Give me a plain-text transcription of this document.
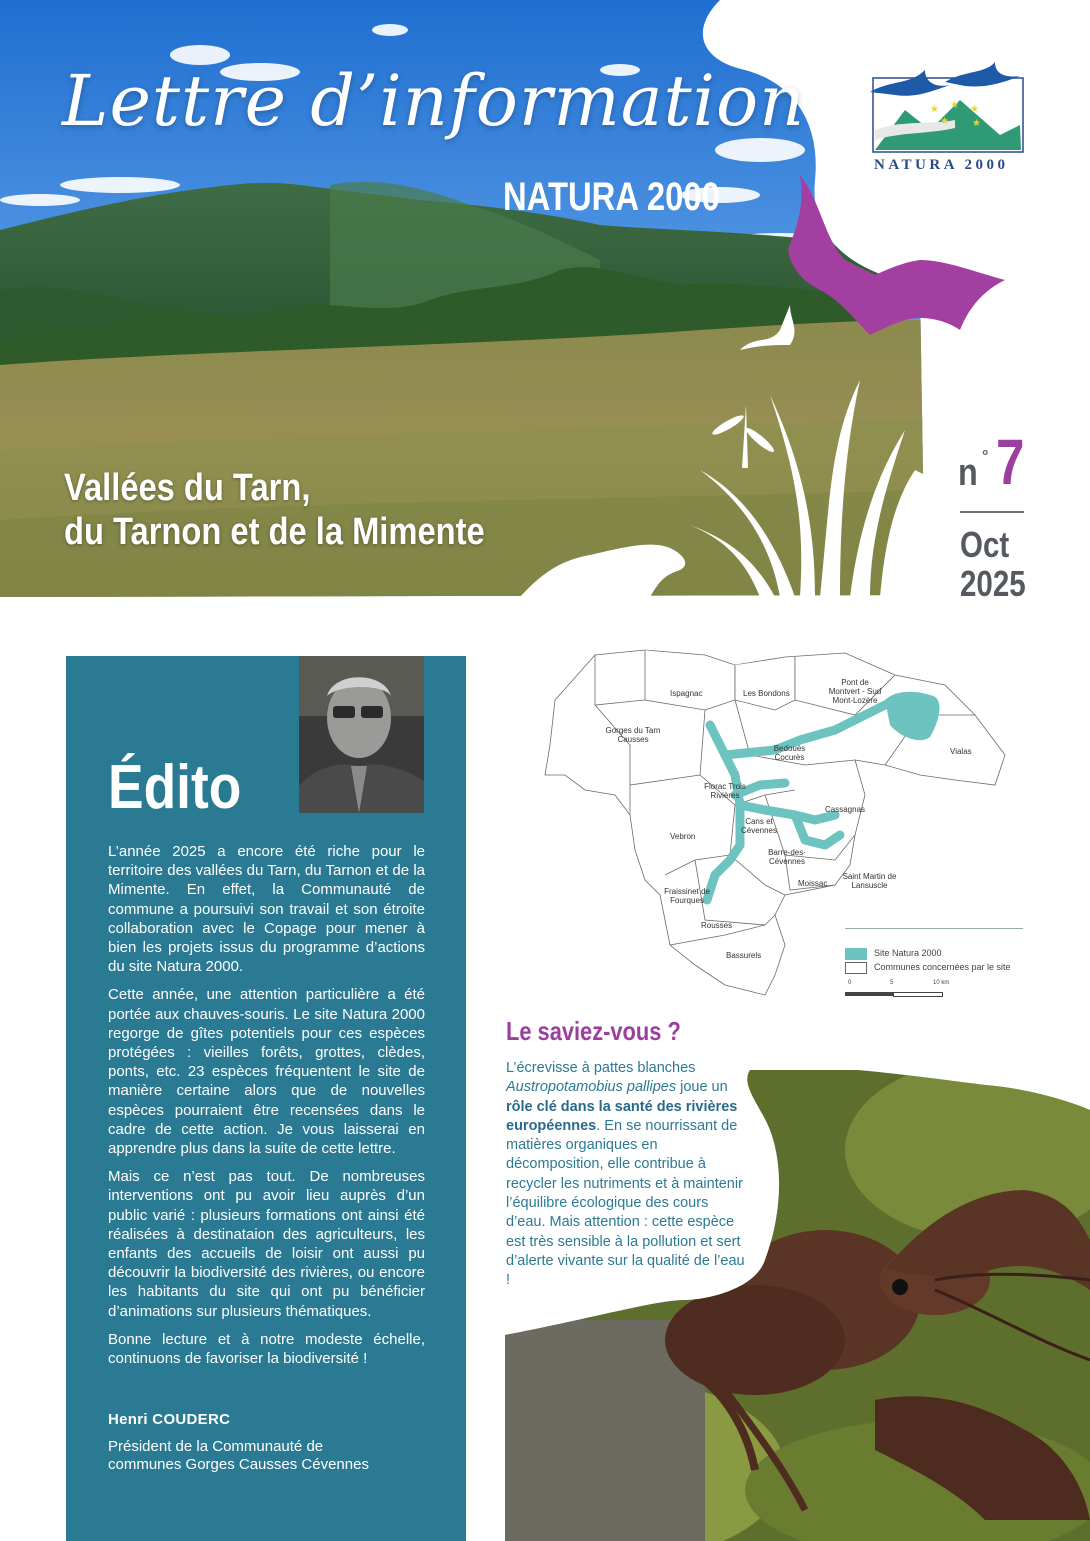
★ ★ ★
★ ★
Lettre d’information
NATURA 2000
Vallées du Tarn,
du Tarnon et de la Mimente
NATURA 2000
n ° 7
Oct
2025
Édito

L’année 2025 a encore été riche pour le territoire des vallées du Tarn, du Tarnon et de la Mimente. En effet, la Communauté de commune a poursuivi son travail et son étroite collaboration avec le Copage pour mener à bien les projets issus du programme d’actions du site Natura 2000.

Cette année, une attention particulière a été portée aux chauves-souris. Le site Natura 2000 regorge de gîtes potentiels pour ces espèces protégées : vieilles forêts, grottes, clèdes, ponts, etc. 23 espèces fréquentent le site de manière certaine alors que de nouvelles espèces pourraient être recensées dans le cadre de cette action. Je vous laisserai en apprendre plus dans la suite de cette lettre.

Mais ce n’est pas tout. De nombreuses interventions ont pu avoir lieu auprès d’un public varié : plusieurs formations ont ainsi été réalisées à destinataion des agriculteurs, les enfants des accueils de loisir ont aussi pu découvrir la biodiversité des rivières, ou encore les habitants du site qui ont pu bénéficier d’animations sur plusieurs thématiques.

Bonne lecture et à notre modeste échelle, continuons de favoriser la biodiversité !

Henri COUDERC
Président de la Communauté de
communes Gorges Causses Cévennes
Ispagnac	Les Bondons
Pont de Montvert - Sud Mont-Lozère
Gorges du Tarn Causses
Bedouès Cocurès
Vialas
Florac Trois Rivières
Cassagnas
Cans et Cévennes
Vebron
Barre-des-Cévennes
Saint Martin de Lansuscle
Moissac
Fraissinet de Fourques
Rousses
Bassurels	Site Natura 2000
Communes concernées par le site
0	5	10 km
Le saviez-vous ?
L’écrevisse à pattes blanches
Austropotamobius pallipes joue un rôle clé dans la santé des rivières européennes. En se nourrissant de matières organiques en décomposition, elle contribue à recycler les nutriments et à maintenir l’équilibre écologique des cours d’eau. Mais attention : cette espèce est très sensible à la pollution et sert d’alerte vivante sur la qualité de l’eau !
